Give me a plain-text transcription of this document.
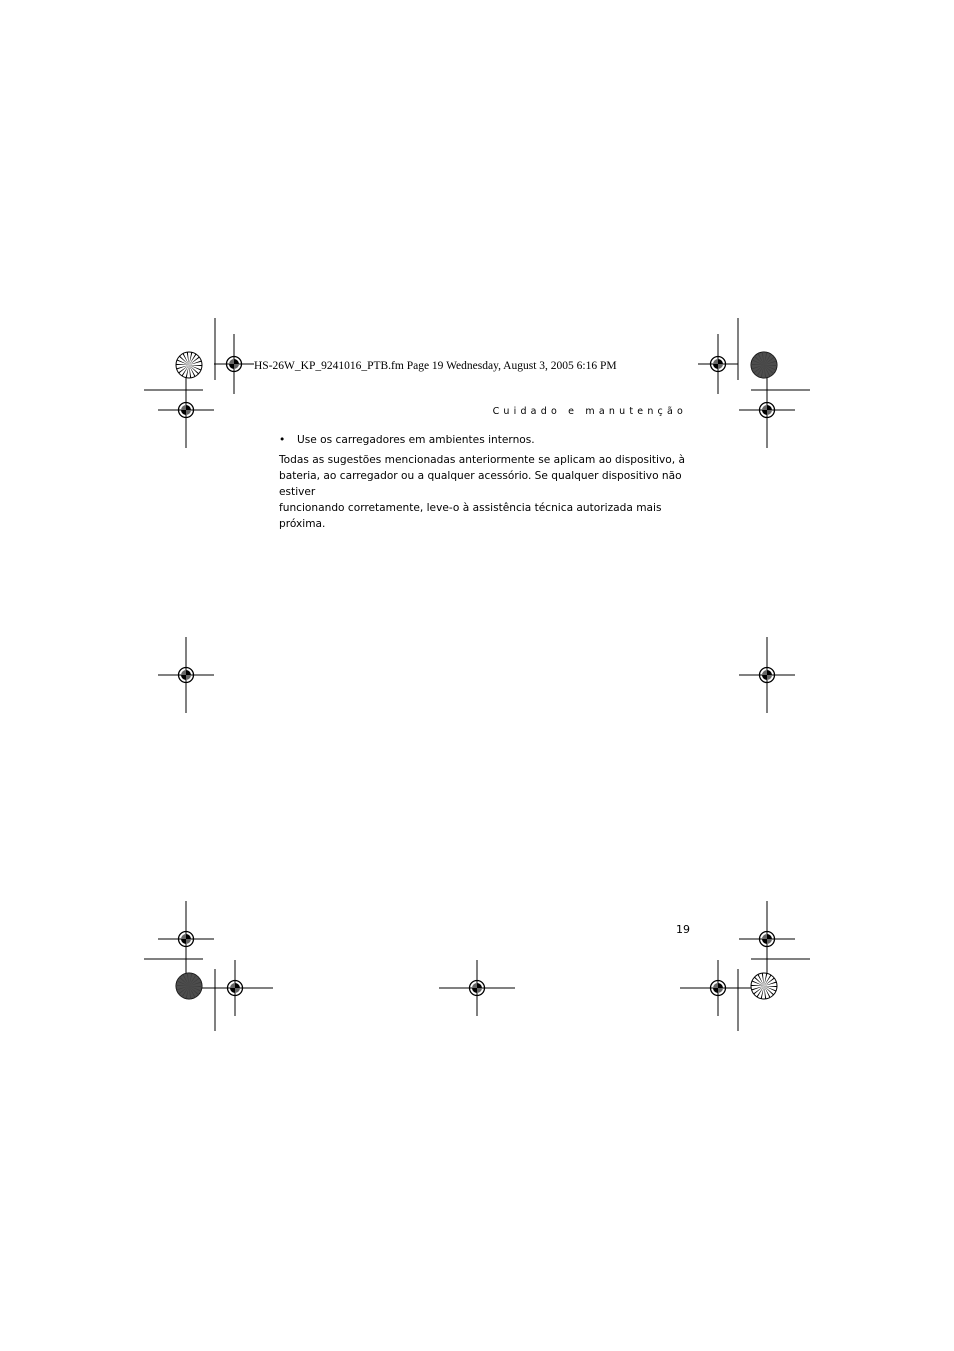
HS-26W_KP_9241016_PTB.fm Page 19 Wednesday, August 3, 2005 6:16 PM
Cuidado e manutenção
• Use os carregadores em ambientes internos.
Todas as sugestões mencionadas anteriormente se aplicam ao dispositivo, à
bateria, ao carregador ou a qualquer acessório. Se qualquer dispositivo não estiver
funcionando corretamente, leve-o à assistência técnica autorizada mais próxima.
19
